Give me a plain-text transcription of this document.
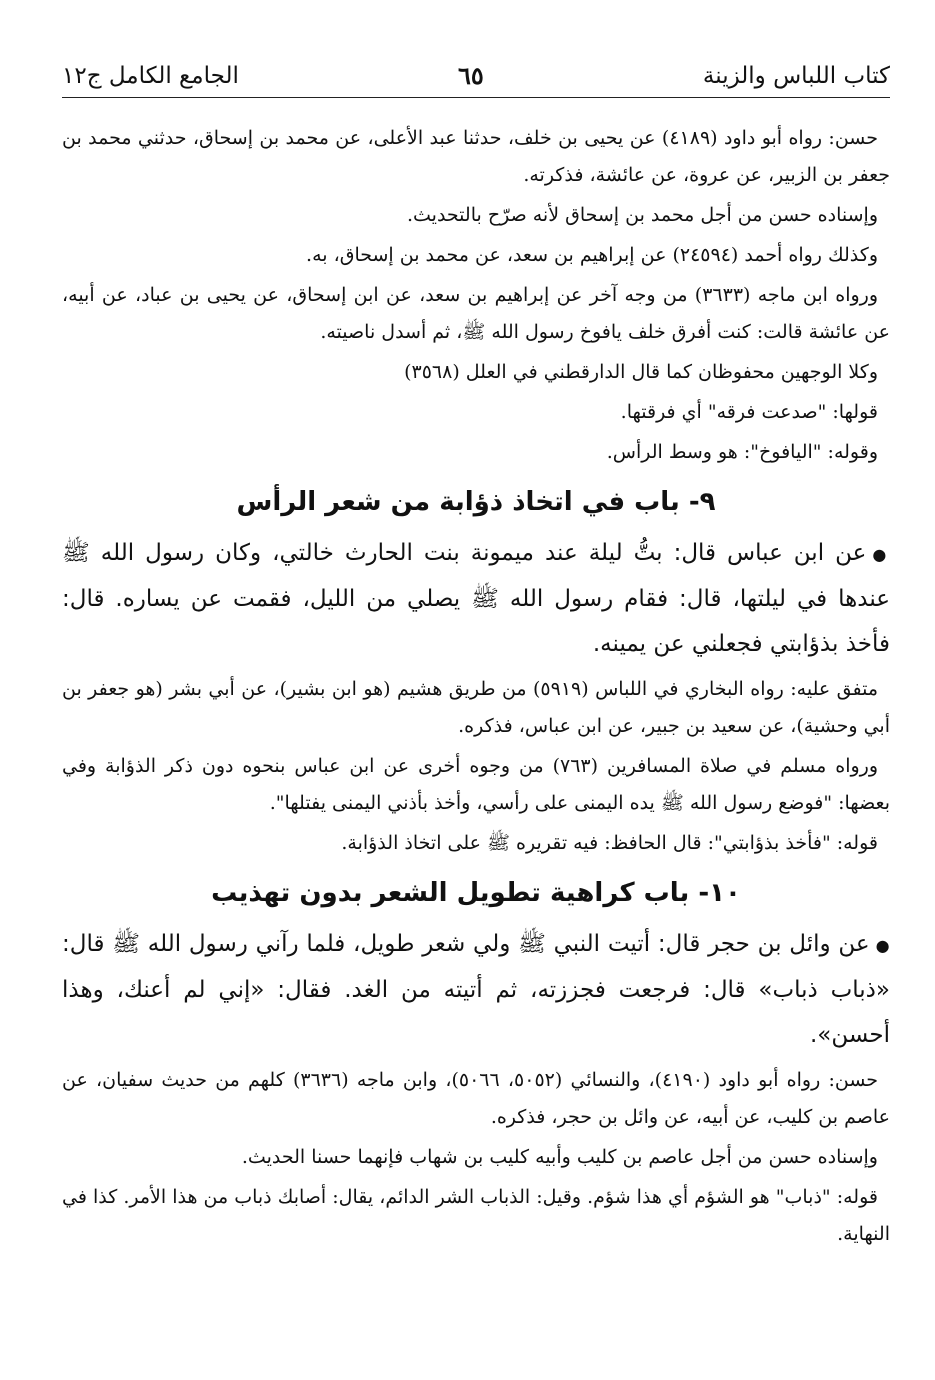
كتاب اللباس والزينة
٦٥
الجامع الكامل ج١٢

حسن: رواه أبو داود (٤١٨٩) عن يحيى بن خلف، حدثنا عبد الأعلى، عن محمد بن إسحاق، حدثني محمد بن جعفر بن الزبير، عن عروة، عن عائشة، فذكرته.

وإسناده حسن من أجل محمد بن إسحاق لأنه صرّح بالتحديث.

وكذلك رواه أحمد (٢٤٥٩٤) عن إبراهيم بن سعد، عن محمد بن إسحاق، به.

ورواه ابن ماجه (٣٦٣٣) من وجه آخر عن إبراهيم بن سعد، عن ابن إسحاق، عن يحيى بن عباد، عن أبيه، عن عائشة قالت: كنت أفرق خلف يافوخ رسول الله ﷺ، ثم أسدل ناصيته.

وكلا الوجهين محفوظان كما قال الدارقطني في العلل (٣٥٦٨)

قولها: "صدعت فرقه" أي فرقتها.

وقوله: "اليافوخ": هو وسط الرأس.

٩- باب في اتخاذ ذؤابة من شعر الرأس

●عن ابن عباس قال: بتُّ ليلة عند ميمونة بنت الحارث خالتي، وكان رسول الله ﷺ عندها في ليلتها، قال: فقام رسول الله ﷺ يصلي من الليل، فقمت عن يساره. قال: فأخذ بذؤابتي فجعلني عن يمينه.

متفق عليه: رواه البخاري في اللباس (٥٩١٩) من طريق هشيم (هو ابن بشير)، عن أبي بشر (هو جعفر بن أبي وحشية)، عن سعيد بن جبير، عن ابن عباس، فذكره.

ورواه مسلم في صلاة المسافرين (٧٦٣) من وجوه أخرى عن ابن عباس بنحوه دون ذكر الذؤابة وفي بعضها: "فوضع رسول الله ﷺ يده اليمنى على رأسي، وأخذ بأذني اليمنى يفتلها".

قوله: "فأخذ بذؤابتي": قال الحافظ: فيه تقريره ﷺ على اتخاذ الذؤابة.

١٠- باب كراهية تطويل الشعر بدون تهذيب

●عن وائل بن حجر قال: أتيت النبي ﷺ ولي شعر طويل، فلما رآني رسول الله ﷺ قال: «ذباب ذباب» قال: فرجعت فجززته، ثم أتيته من الغد. فقال: «إني لم أعنك، وهذا أحسن».

حسن: رواه أبو داود (٤١٩٠)، والنسائي (٥٠٥٢، ٥٠٦٦)، وابن ماجه (٣٦٣٦) كلهم من حديث سفيان، عن عاصم بن كليب، عن أبيه، عن وائل بن حجر، فذكره.

وإسناده حسن من أجل عاصم بن كليب وأبيه كليب بن شهاب فإنهما حسنا الحديث.

قوله: "ذباب" هو الشؤم أي هذا شؤم. وقيل: الذباب الشر الدائم، يقال: أصابك ذباب من هذا الأمر. كذا في النهاية.
